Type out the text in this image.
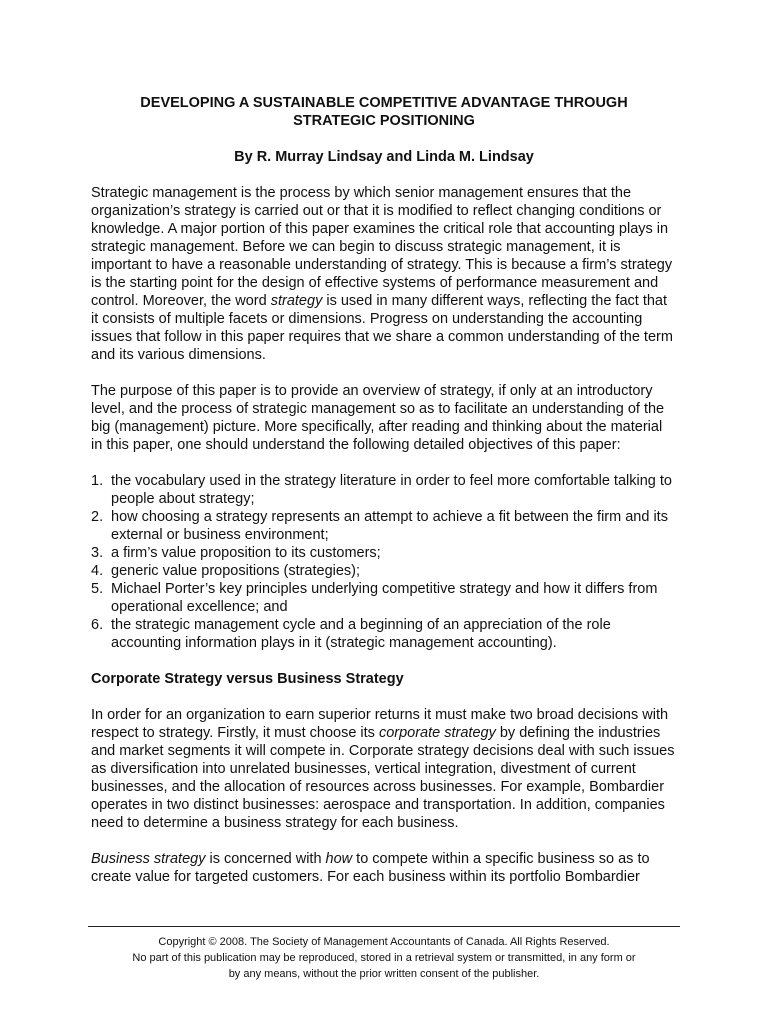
DEVELOPING A SUSTAINABLE COMPETITIVE ADVANTAGE THROUGH
STRATEGIC POSITIONING

By R. Murray Lindsay and Linda M. Lindsay

Strategic management is the process by which senior management ensures that the organization’s strategy is carried out or that it is modified to reflect changing conditions or knowledge. A major portion of this paper examines the critical role that accounting plays in strategic management. Before we can begin to discuss strategic management, it is important to have a reasonable understanding of strategy. This is because a firm’s strategy is the starting point for the design of effective systems of performance measurement and control. Moreover, the word strategy is used in many different ways, reflecting the fact that it consists of multiple facets or dimensions. Progress on understanding the accounting issues that follow in this paper requires that we share a common understanding of the term and its various dimensions.

The purpose of this paper is to provide an overview of strategy, if only at an introductory level, and the process of strategic management so as to facilitate an understanding of the big (management) picture. More specifically, after reading and thinking about the material in this paper, one should understand the following detailed objectives of this paper:

1. the vocabulary used in the strategy literature in order to feel more comfortable talking to people about strategy;
2. how choosing a strategy represents an attempt to achieve a fit between the firm and its external or business environment;
3. a firm’s value proposition to its customers;
4. generic value propositions (strategies);
5. Michael Porter’s key principles underlying competitive strategy and how it differs from operational excellence; and
6. the strategic management cycle and a beginning of an appreciation of the role accounting information plays in it (strategic management accounting).
Corporate Strategy versus Business Strategy

In order for an organization to earn superior returns it must make two broad decisions with respect to strategy. Firstly, it must choose its corporate strategy by defining the industries and market segments it will compete in. Corporate strategy decisions deal with such issues as diversification into unrelated businesses, vertical integration, divestment of current businesses, and the allocation of resources across businesses. For example, Bombardier operates in two distinct businesses: aerospace and transportation. In addition, companies need to determine a business strategy for each business.

Business strategy is concerned with how to compete within a specific business so as to create value for targeted customers. For each business within its portfolio Bombardier

Copyright © 2008. The Society of Management Accountants of Canada. All Rights Reserved.
No part of this publication may be reproduced, stored in a retrieval system or transmitted, in any form or
by any means, without the prior written consent of the publisher.
